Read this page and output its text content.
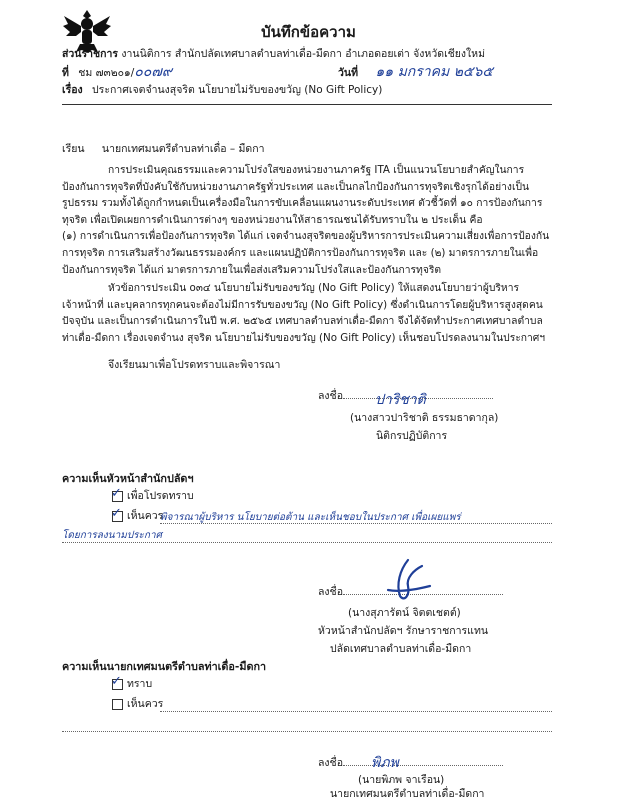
บันทึกข้อความ
ส่วนราชการ งานนิติการ สำนักปลัดเทศบาลตำบลท่าเดื่อ-มืดกา อำเภอดอยเต่า จังหวัดเชียงใหม่
ที่ ชม ๗๓๒๐๑/๐๐๗๙	วันที่ ๑๑ มกราคม ๒๕๖๕
เรื่อง ประกาศเจตจำนงสุจริต นโยบายไม่รับของขวัญ (No Gift Policy)
เรียน นายกเทศมนตรีตำบลท่าเดื่อ – มืดกา
การประเมินคุณธรรมและความโปร่งใสของหน่วยงานภาครัฐ ITA เป็นแนวนโยบายสำคัญในการ
ป้องกันการทุจริตที่บังคับใช้กับหน่วยงานภาครัฐทั่วประเทศ และเป็นกลไกป้องกันการทุจริตเชิงรุกได้อย่างเป็น
รูปธรรม รวมทั้งได้ถูกกำหนดเป็นเครื่องมือในการขับเคลื่อนแผนงานระดับประเทศ ตัวชี้วัดที่ ๑๐ การป้องกันการ
ทุจริต เพื่อเปิดเผยการดำเนินการต่างๆ ของหน่วยงานให้สาธารณชนได้รับทราบใน ๒ ประเด็น คือ
(๑) การดำเนินการเพื่อป้องกันการทุจริต ได้แก่ เจตจำนงสุจริตของผู้บริหารการประเมินความเสี่ยงเพื่อการป้องกัน
การทุจริต การเสริมสร้างวัฒนธรรมองค์กร และแผนปฏิบัติการป้องกันการทุจริต และ (๒) มาตรการภายในเพื่อ
ป้องกันการทุจริต ได้แก่ มาตรการภายในเพื่อส่งเสริมความโปร่งใสและป้องกันการทุจริต
หัวข้อการประเมิน o๓๔ นโยบายไม่รับของขวัญ (No Gift Policy) ให้แสดงนโยบายว่าผู้บริหาร
เจ้าหน้าที่ และบุคลากรทุกคนจะต้องไม่มีการรับของขวัญ (No Gift Policy) ซึ่งดำเนินการโดยผู้บริหารสูงสุดคน
ปัจจุบัน และเป็นการดำเนินการในปี พ.ศ. ๒๕๖๕ เทศบาลตำบลท่าเดื่อ-มืดกา จึงได้จัดทำประกาศเทศบาลตำบล
ท่าเดื่อ-มืดกา เรื่องเจตจำนง สุจริต นโยบายไม่รับของขวัญ (No Gift Policy) เห็นชอบโปรดลงนามในประกาศฯ
จึงเรียนมาเพื่อโปรดทราบและพิจารณา
ลงชื่อ ปาริชาติ
(นางสาวปาริชาติ ธรรมธาดากุล)
นิติกรปฏิบัติการ
ความเห็นหัวหน้าสำนักปลัดฯ
✓ เพื่อโปรดทราบ
✓ เห็นควร
พิจารณาผู้บริหาร นโยบายต่อต้าน และเห็นชอบในประกาศ เพื่อเผยแพร่
โดยการลงนามประกาศ
ลงชื่อ
(นางสุภารัตน์ จิตตเชตต์)
หัวหน้าสำนักปลัดฯ รักษาราชการแทน
ปลัดเทศบาลตำบลท่าเดื่อ-มืดกา
ความเห็นนายกเทศมนตรีตำบลท่าเดื่อ-มืดกา
✓ ทราบ
เห็นควร
ลงชื่อ พิภพ
(นายพิภพ จาเรือน)
นายกเทศมนตรีตำบลท่าเดื่อ-มืดกา
